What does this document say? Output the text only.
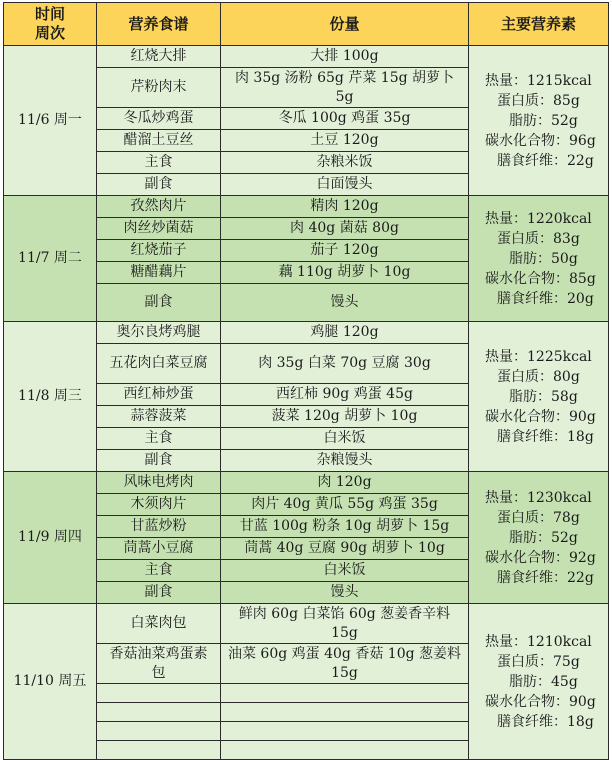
时间
周次	营养食谱	份量	主要营养素
11/6 周一	红烧大排	大排 100g	热量：1215kcal
蛋白质：85g
脂肪：52g
碳水化合物：96g
膳食纤维：22g

	芹粉肉末	肉 35g 汤粉 65g 芹菜 15g 胡萝卜 5g	
	冬瓜炒鸡蛋	冬瓜 100g 鸡蛋 35g	
	醋溜土豆丝	土豆 120g	
	主食	杂粮米饭	
	副食	白面馒头	
11/7 周二	孜然肉片	精肉 120g	热量：1220kcal
蛋白质：83g
脂肪：50g
碳水化合物：85g
膳食纤维：20g

	肉丝炒菌菇	肉 40g 菌菇 80g	
	红烧茄子	茄子 120g	
	糖醋藕片	藕 110g 胡萝卜 10g	
	副食	馒头	
11/8 周三	奥尔良烤鸡腿	鸡腿 120g	热量：1225kcal
蛋白质：80g
脂肪：58g
碳水化合物：90g
膳食纤维：18g

	五花肉白菜豆腐	肉 35g 白菜 70g 豆腐 30g	
	西红柿炒蛋	西红柿 90g 鸡蛋 45g	
	蒜蓉菠菜	菠菜 120g 胡萝卜 10g	
	主食	白米饭	
	副食	杂粮馒头	
11/9 周四	风味电烤肉	肉 120g	热量：1230kcal
蛋白质：78g
脂肪：52g
碳水化合物：92g
膳食纤维：22g

	木须肉片	肉片 40g 黄瓜 55g 鸡蛋 35g	
	甘蓝炒粉	甘蓝 100g 粉条 10g 胡萝卜 15g	
	茼蒿小豆腐	茼蒿 40g 豆腐 90g 胡萝卜 10g	
	主食	白米饭	
	副食	馒头	
11/10 周五	白菜肉包	鲜肉 60g 白菜馅 60g 葱姜香辛料 15g	热量：1210kcal
蛋白质：75g
脂肪：45g
碳水化合物：90g
膳食纤维：18g

	香菇油菜鸡蛋素包	油菜 60g 鸡蛋 40g 香菇 10g 葱姜料 15g	
